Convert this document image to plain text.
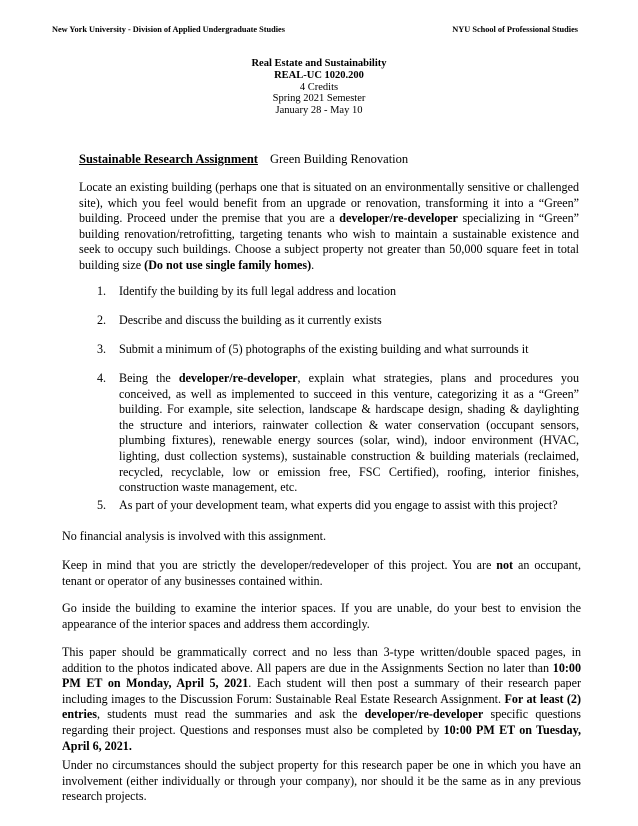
New York University - Division of Applied Undergraduate Studies	NYU School of Professional Studies
Real Estate and Sustainability
REAL-UC 1020.200
4 Credits
Spring 2021 Semester
January 28 - May 10
Sustainable Research Assignment Green Building Renovation

Locate an existing building (perhaps one that is situated on an environmentally sensitive or challenged site), which you feel would benefit from an upgrade or renovation, transforming it into a “Green” building. Proceed under the premise that you are a developer/re-developer specializing in “Green” building renovation/retrofitting, targeting tenants who wish to maintain a sustainable existence and seek to occupy such buildings. Choose a subject property not greater than 50,000 square feet in total building size (Do not use single family homes).

1. Identify the building by its full legal address and location
2. Describe and discuss the building as it currently exists
3. Submit a minimum of (5) photographs of the existing building and what surrounds it
4. Being the developer/re-developer, explain what strategies, plans and procedures you conceived, as well as implemented to succeed in this venture, categorizing it as a “Green” building. For example, site selection, landscape & hardscape design, shading & daylighting the structure and interiors, rainwater collection & water conservation (occupant sensors, plumbing fixtures), renewable energy sources (solar, wind), indoor environment (HVAC, lighting, dust collection systems), sustainable construction & building materials (reclaimed, recycled, recyclable, low or emission free, FSC Certified), roofing, interior finishes, construction waste management, etc.
5. As part of your development team, what experts did you engage to assist with this project?

No financial analysis is involved with this assignment.

Keep in mind that you are strictly the developer/redeveloper of this project. You are not an occupant, tenant or operator of any businesses contained within.

Go inside the building to examine the interior spaces. If you are unable, do your best to envision the appearance of the interior spaces and address them accordingly.

This paper should be grammatically correct and no less than 3-type written/double spaced pages, in addition to the photos indicated above. All papers are due in the Assignments Section no later than 10:00 PM ET on Monday, April 5, 2021. Each student will then post a summary of their research paper including images to the Discussion Forum: Sustainable Real Estate Research Assignment. For at least (2) entries, students must read the summaries and ask the developer/re-developer specific questions regarding their project. Questions and responses must also be completed by 10:00 PM ET on Tuesday, April 6, 2021.

Under no circumstances should the subject property for this research paper be one in which you have an involvement (either individually or through your company), nor should it be the same as in any previous research projects.
